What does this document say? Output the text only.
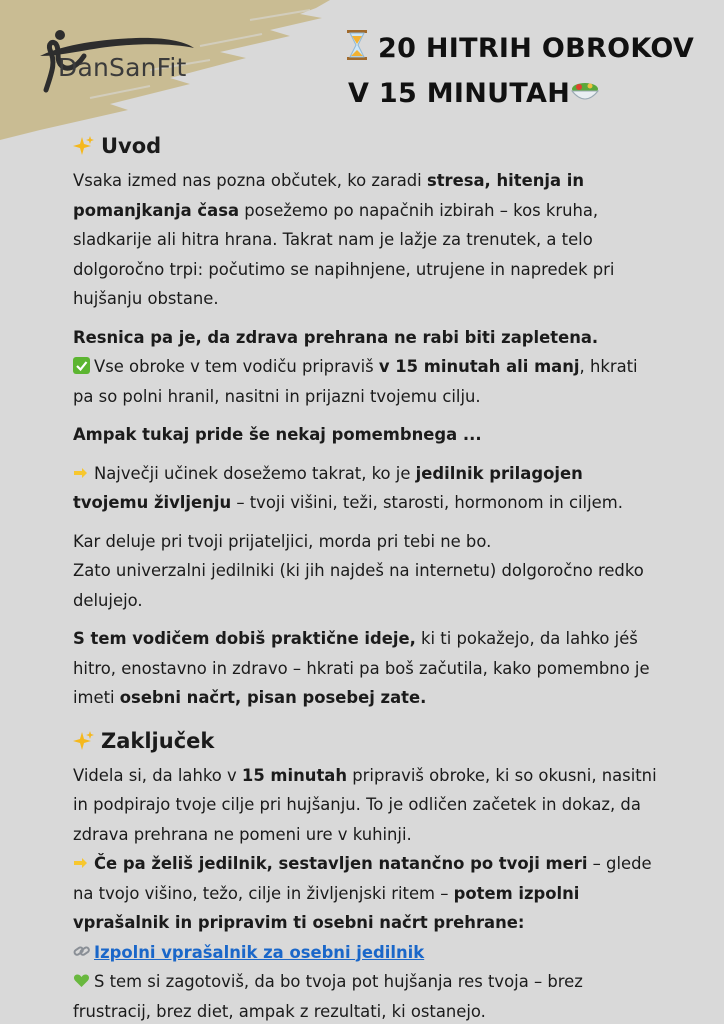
DanSanFit
20 HITRIH OBROKOV
V 15 MINUTAH
Uvod

Vsaka izmed nas pozna občutek, ko zaradi stresa, hitenja in pomanjkanja časa posežemo po napačnih izbirah – kos kruha, sladkarije ali hitra hrana. Takrat nam je lažje za trenutek, a telo dolgoročno trpi: počutimo se napihnjene, utrujene in napredek pri hujšanju obstane.

Resnica pa je, da zdrava prehrana ne rabi biti zapletena.
Vse obroke v tem vodiču pripraviš v 15 minutah ali manj, hkrati pa so polni hranil, nasitni in prijazni tvojemu cilju.

Ampak tukaj pride še nekaj pomembnega ...

Največji učinek dosežemo takrat, ko je jedilnik prilagojen tvojemu življenju – tvoji višini, teži, starosti, hormonom in ciljem.

Kar deluje pri tvoji prijateljici, morda pri tebi ne bo.
Zato univerzalni jedilniki (ki jih najdeš na internetu) dolgoročno redko delujejo.

S tem vodičem dobiš praktične ideje, ki ti pokažejo, da lahko jéš hitro, enostavno in zdravo – hkrati pa boš začutila, kako pomembno je imeti osebni načrt, pisan posebej zate.

Zaključek

Videla si, da lahko v 15 minutah pripraviš obroke, ki so okusni, nasitni in podpirajo tvoje cilje pri hujšanju. To je odličen začetek in dokaz, da zdrava prehrana ne pomeni ure v kuhinji.

Če pa želiš jedilnik, sestavljen natančno po tvoji meri – glede na tvojo višino, težo, cilje in življenjski ritem – potem izpolni vprašalnik in pripravim ti osebni načrt prehrane:
Izpolni vprašalnik za osebni jedilnik
S tem si zagotoviš, da bo tvoja pot hujšanja res tvoja – brez frustracij, brez diet, ampak z rezultati, ki ostanejo.
